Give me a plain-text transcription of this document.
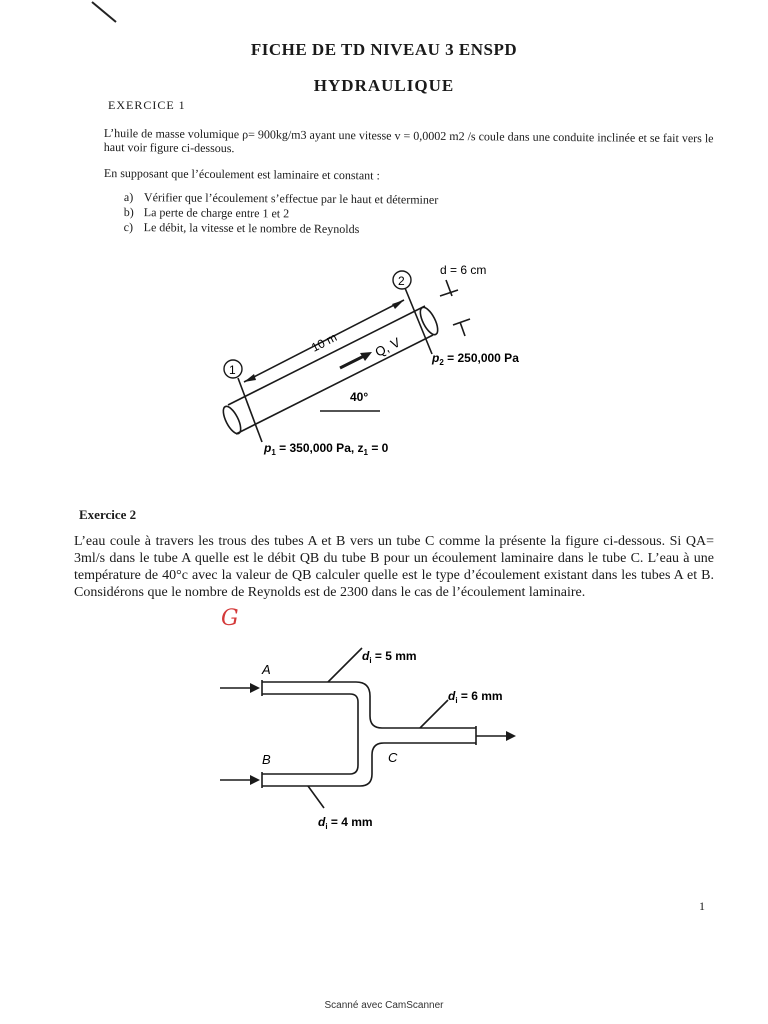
FICHE DE TD NIVEAU 3 ENSPD
HYDRAULIQUE
EXERCICE 1
L’huile de masse volumique ρ= 900kg/m3 ayant une vitesse v = 0,0002 m2 /s coule dans une conduite inclinée et se fait vers le haut voir figure ci-dessous.
En supposant que l’écoulement est laminaire et constant :
a) Vérifier que l’écoulement s’effectue par le haut et déterminer
b) La perte de charge entre 1 et 2
c) Le débit, la vitesse et le nombre de Reynolds
1
2
10 m	Q, V
40°
d = 6 cm
$p_2 = 250,000$ Pa
$p_1 = 350,000$ Pa, $z_1 = 0$
Exercice 2
L’eau coule à travers les trous des tubes A et B vers un tube C comme la présente la figure ci-dessous. Si QA= 3ml/s dans le tube A quelle est le débit QB du tube B pour un écoulement laminaire dans le tube C. L’eau à une température de 40°c avec la valeur de QB calculer quelle est le type d’écoulement existant dans les tubes A et B. Considérons que le nombre de Reynolds est de 2300 dans le cas de l’écoulement laminaire.
G
A
B	C
$d_i = 5$ mm
$d_i = 6$ mm
$d_i = 4$ mm
1
Scanné avec CamScanner
